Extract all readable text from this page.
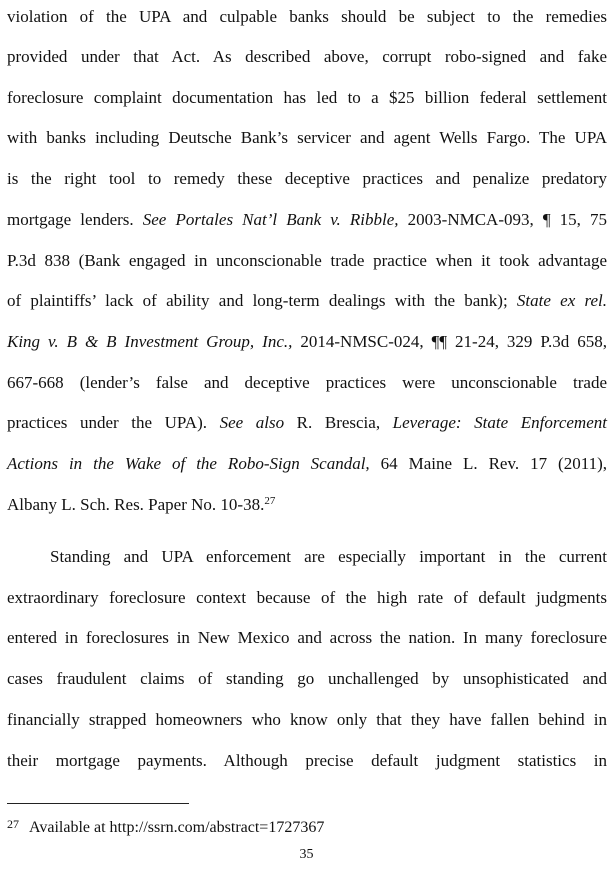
violation of the UPA and culpable banks should be subject to the remedies
provided under that Act. As described above, corrupt robo-signed and fake
foreclosure complaint documentation has led to a $25 billion federal settlement
with banks including Deutsche Bank’s servicer and agent Wells Fargo. The UPA
is the right tool to remedy these deceptive practices and penalize predatory
mortgage lenders. See Portales Nat’l Bank v. Ribble, 2003-NMCA-093, ¶ 15, 75
P.3d 838 (Bank engaged in unconscionable trade practice when it took advantage
of plaintiffs’ lack of ability and long-term dealings with the bank); State ex rel.
King v. B & B Investment Group, Inc., 2014-NMSC-024, ¶¶ 21-24, 329 P.3d 658,
667-668 (lender’s false and deceptive practices were unconscionable trade
practices under the UPA). See also R. Brescia, Leverage: State Enforcement
Actions in the Wake of the Robo-Sign Scandal, 64 Maine L. Rev. 17 (2011),
Albany L. Sch. Res. Paper No. 10-38.27
Standing and UPA enforcement are especially important in the current
extraordinary foreclosure context because of the high rate of default judgments
entered in foreclosures in New Mexico and across the nation. In many foreclosure
cases fraudulent claims of standing go unchallenged by unsophisticated and
financially strapped homeowners who know only that they have fallen behind in
their mortgage payments. Although precise default judgment statistics in
$^{27}$ Available at http://ssrn.com/abstract=1727367
35
